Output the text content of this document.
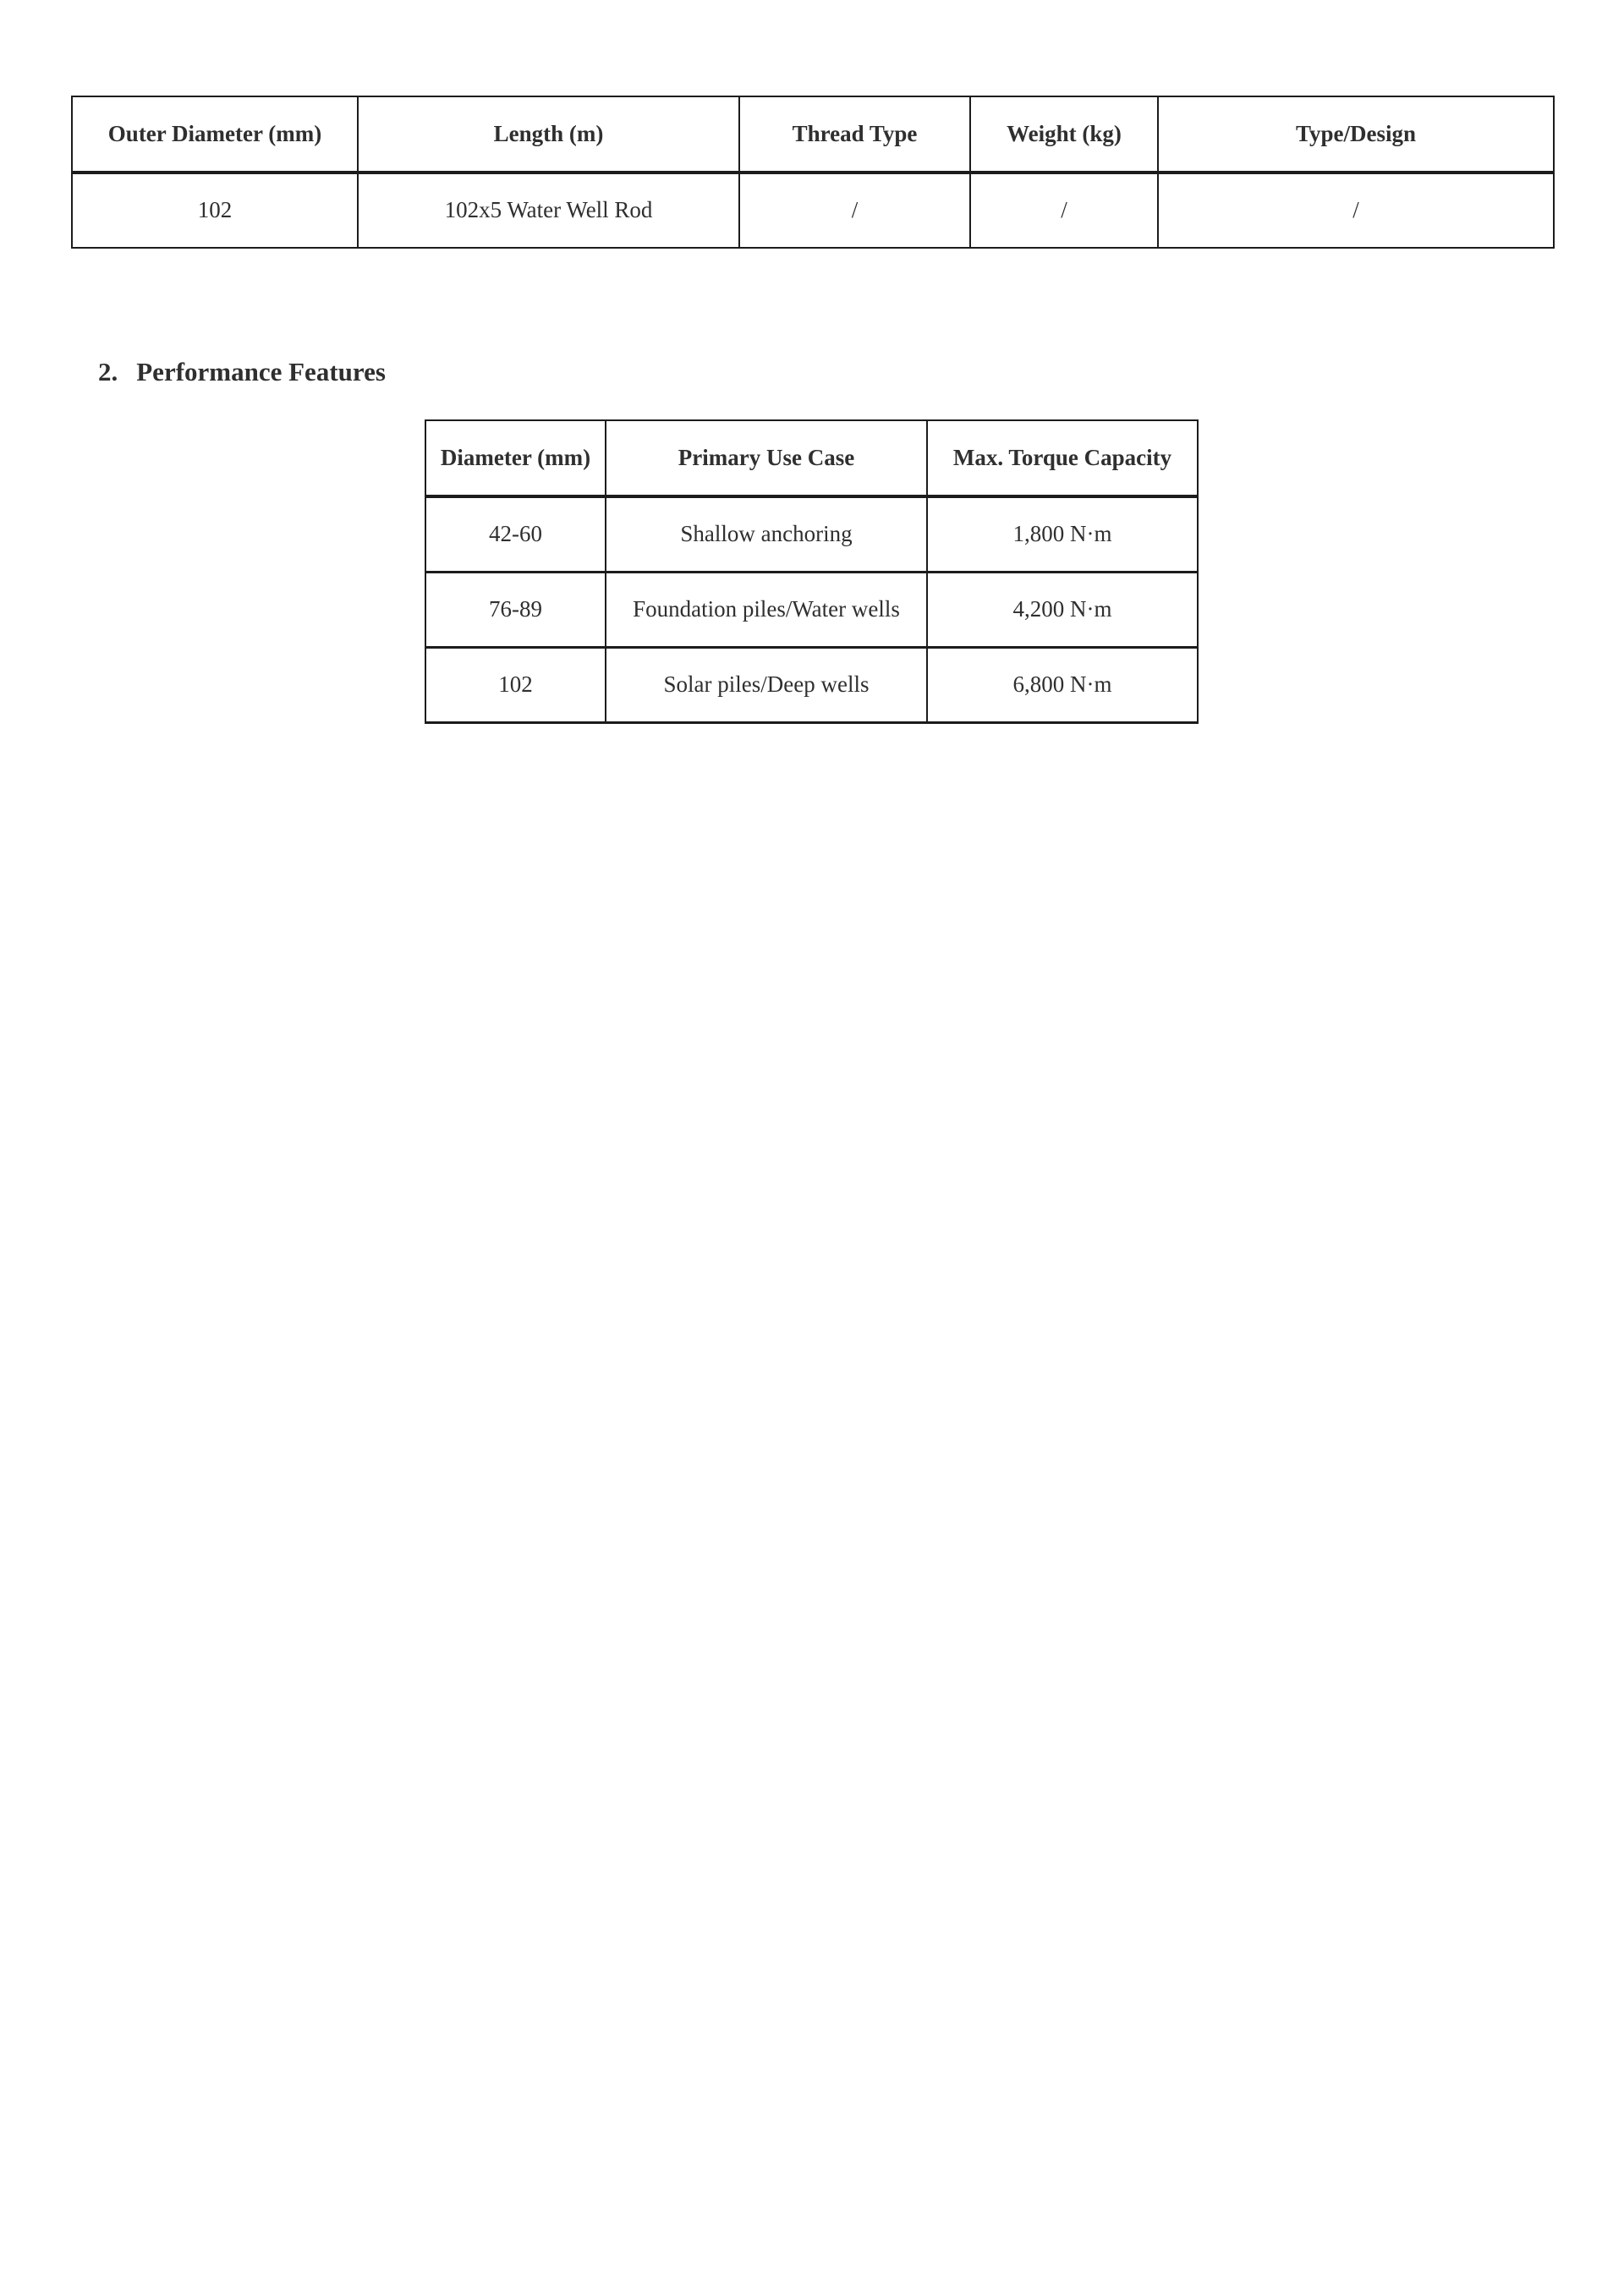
Outer Diameter (mm)	Length (m)	Thread Type	Weight (kg)	Type/Design
102	102x5 Water Well Rod	/	/	/
2. Performance Features
Diameter (mm)	Primary Use Case	Max. Torque Capacity
42-60	Shallow anchoring	1,800 N·m
76-89	Foundation piles/Water wells	4,200 N·m
102	Solar piles/Deep wells	6,800 N·m
